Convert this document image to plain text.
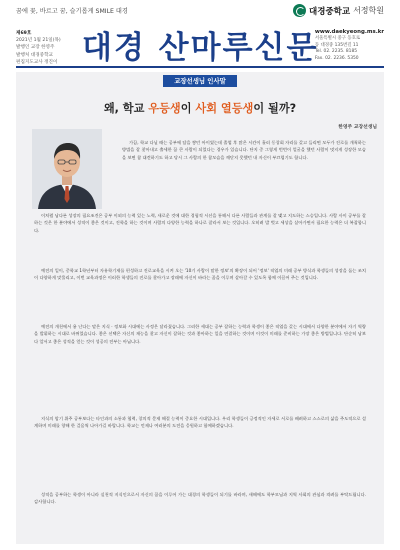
꿈에 꽃, 바르고 꿈, 슬기롭게 SMILE 대경	대경중학교 서정학원
제69호
2021년 1월 21일(목)
발행인 교장 한영주
발행처 대경중학교
편집지도교사 정진이 대경 산마루신문
www.daekyeong.ms.kr
서울특별시 중구 동호로
동 대경중 135번길 11
Tel. 02. 2235. 8185
Fax. 02. 2236. 5350
교장선생님 인사말
왜, 학교 우등생이 사회 열등생이 될까?
한영주 교장선생님

가끔, 학교 다닐 때는 공부에 담을 쌓던 아이였는데 졸업 후 많은 시간이 흘러 동창회 자리를 갖고 들리면 모두가 진로를 개척하는 방법을 잘 찾아내고 출세한 꿈 큰 사람이 되었다는 경우가 있습니다. 단지 중 그렇게 번번이 얼굴을 했던 사람이 멋지게 성장한 모습을 보면 참 대견하기도 하고 당시 그 사람의 한 참모습을 깨닫지 못했던 내 자신이 부끄럽기도 합니다.

이처럼 남다른 성장의 필요조건은 공부 이외의 능력 있는 노력, 새로운 것에 대한 경험적 시선을 통해서 다른 사람들과 관계를 잘 맺고 지도하는 스승입니다. 사람 사이 공부를 잘하는 것은 한 분야에서 성적이 좋은 것이고, 진학을 하는 것이며 사람의 다양한 능력을 하나로 잘라서 보는 것입니다. 오히려 발 벗고 세상을 살아가면서 필요한 능력은 더 복잡합니다.

예전의 일이, 중학교 1학년부터 자유학기제를 편성하고 진로교육을 시켜 오는 '10기 사람이 말한 정보'의 확장이 되어 '정보' 직업의 미래 공부 방식과 학생들의 성장을 돕는 조치이 다양하게 맞물리고, 이번 교육과정은 이러한 학생들의 진로를 찾아가고 장래에 자신이 바라는 꿈을 이루며 살아갈 수 있도록 함께 이끌어 주는 것입니다.

예전의 개천에서 용 난다는 말은 지식 · 정보화 시대에는 사정은 달라졌습니다. 그러한 세대는 공부 잘하는 능력과 학생이 좋은 직업을 갖는 시대에서 다양한 분야에서 자기 역량을 발휘하는 시대로 바뀌었습니다. 좋은 선택은 자신의 재능을 찾고 자신이 잘하는 것과 좋아하는 일을 연결하는 것이며 이것이 미래를 준비하는 가장 좋은 방법입니다. 단순히 남보다 앞서고 좋은 성적을 얻는 것이 성공의 전부는 아닙니다.

지식의 암기 위주 공부보다는 타인과의 소통과 협력, 창의적 문제 해결 능력이 중요한 시대입니다. 우리 학생들이 긍정적인 자세로 서로를 배려하고 스스로의 삶을 주도적으로 설계하며 미래를 향해 한 걸음씩 나아가길 바랍니다. 학교는 언제나 여러분의 도전을 응원하고 함께하겠습니다.

성적을 공부하는 학생이 아니라 실천적 지식인으로서 자신의 꿈을 이루어 가는 대경의 학생들이 되기를 바라며, 새해에도 학부모님과 지역 사회의 관심과 격려를 부탁드립니다. 감사합니다.
